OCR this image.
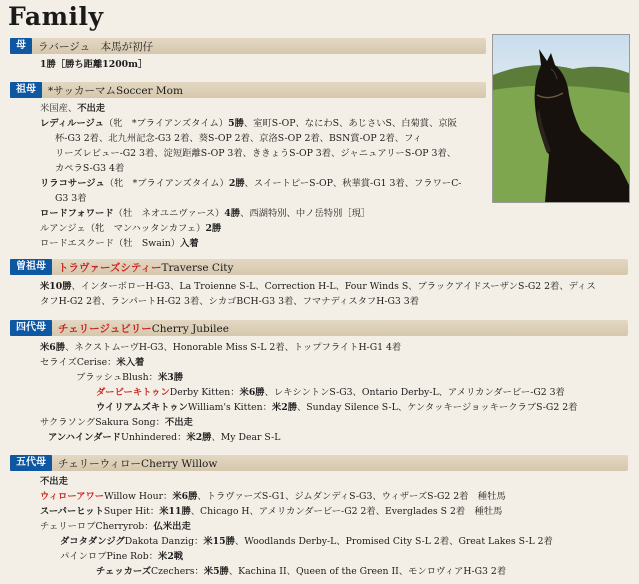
Family
母	ラバージュ　本馬が初仔
1勝［勝ち距離1200m］
祖母	*サッカーマムSoccer Mom
米国産、不出走
レディルージュ（牝　*ブライアンズタイム）5勝、室町S-OP、なにわS、あじさいS、白菊賞、京阪
杯-G3 2着、北九州記念-G3 2着、葵S-OP 2着、京洛S-OP 2着、BSN賞-OP 2着、フィ
リーズレビュー-G2 3着、淀短距離S-OP 3着、ききょうS-OP 3着、ジャニュアリーS-OP 3着、
カペラS-G3 4着
リラコサージュ（牝　*ブライアンズタイム）2勝、スイートピーS-OP、秋華賞-G1 3着、フラワーC-
G3 3着
ロードフォワード（牡　ネオユニヴァース）4勝、西湖特別、中ノ岳特別［現］
ルアンジェ（牝　マンハッタンカフェ）2勝
ロードエスクード（牡　Swain）入着
曽祖母	トラヴァーズシティーTraverse City
米10勝、インターボローH-G3、La Troienne S-L、Correction H-L、Four Winds S、ブラックアイドスーザンS-G2 2着、ディス
タフH-G2 2着、ランパートH-G2 3着、シカゴBCH-G3 3着、フマナディスタフH-G3 3着
四代母	チェリージュビリーCherry Jubilee
米6勝、ネクストムーヴH-G3、Honorable Miss S-L 2着、トップフライトH-G1 4着
セライズCerise：米入着
ブラッシュBlush：米3勝
ダービーキトゥンDerby Kitten：米6勝、レキシントンS-G3、Ontario Derby-L、アメリカンダービー-G2 3着
ウイリアムズキトゥンWilliam's Kitten：米2勝、Sunday Silence S-L、ケンタッキージョッキークラブS-G2 2着
サクラソングSakura Song：不出走
アンハインダードUnhindered：米2勝、My Dear S-L
五代母	チェリーウィローCherry Willow
不出走
ウィローアワーWillow Hour：米6勝、トラヴァーズS-G1、ジムダンディS-G3、ウィザーズS-G2 2着　種牡馬
スーパーヒットSuper Hit：米11勝、Chicago H、アメリカンダービー-G2 2着、Everglades S 2着　種牡馬
チェリーロブCherryrob：仏米出走
ダコタダンジグDakota Danzig：米15勝、Woodlands Derby-L、Promised City S-L 2着、Great Lakes S-L 2着
パインロブPine Rob：米2戦
チェッカーズCzechers：米5勝、Kachina II、Queen of the Green II、モンロヴィアH-G3 2着
